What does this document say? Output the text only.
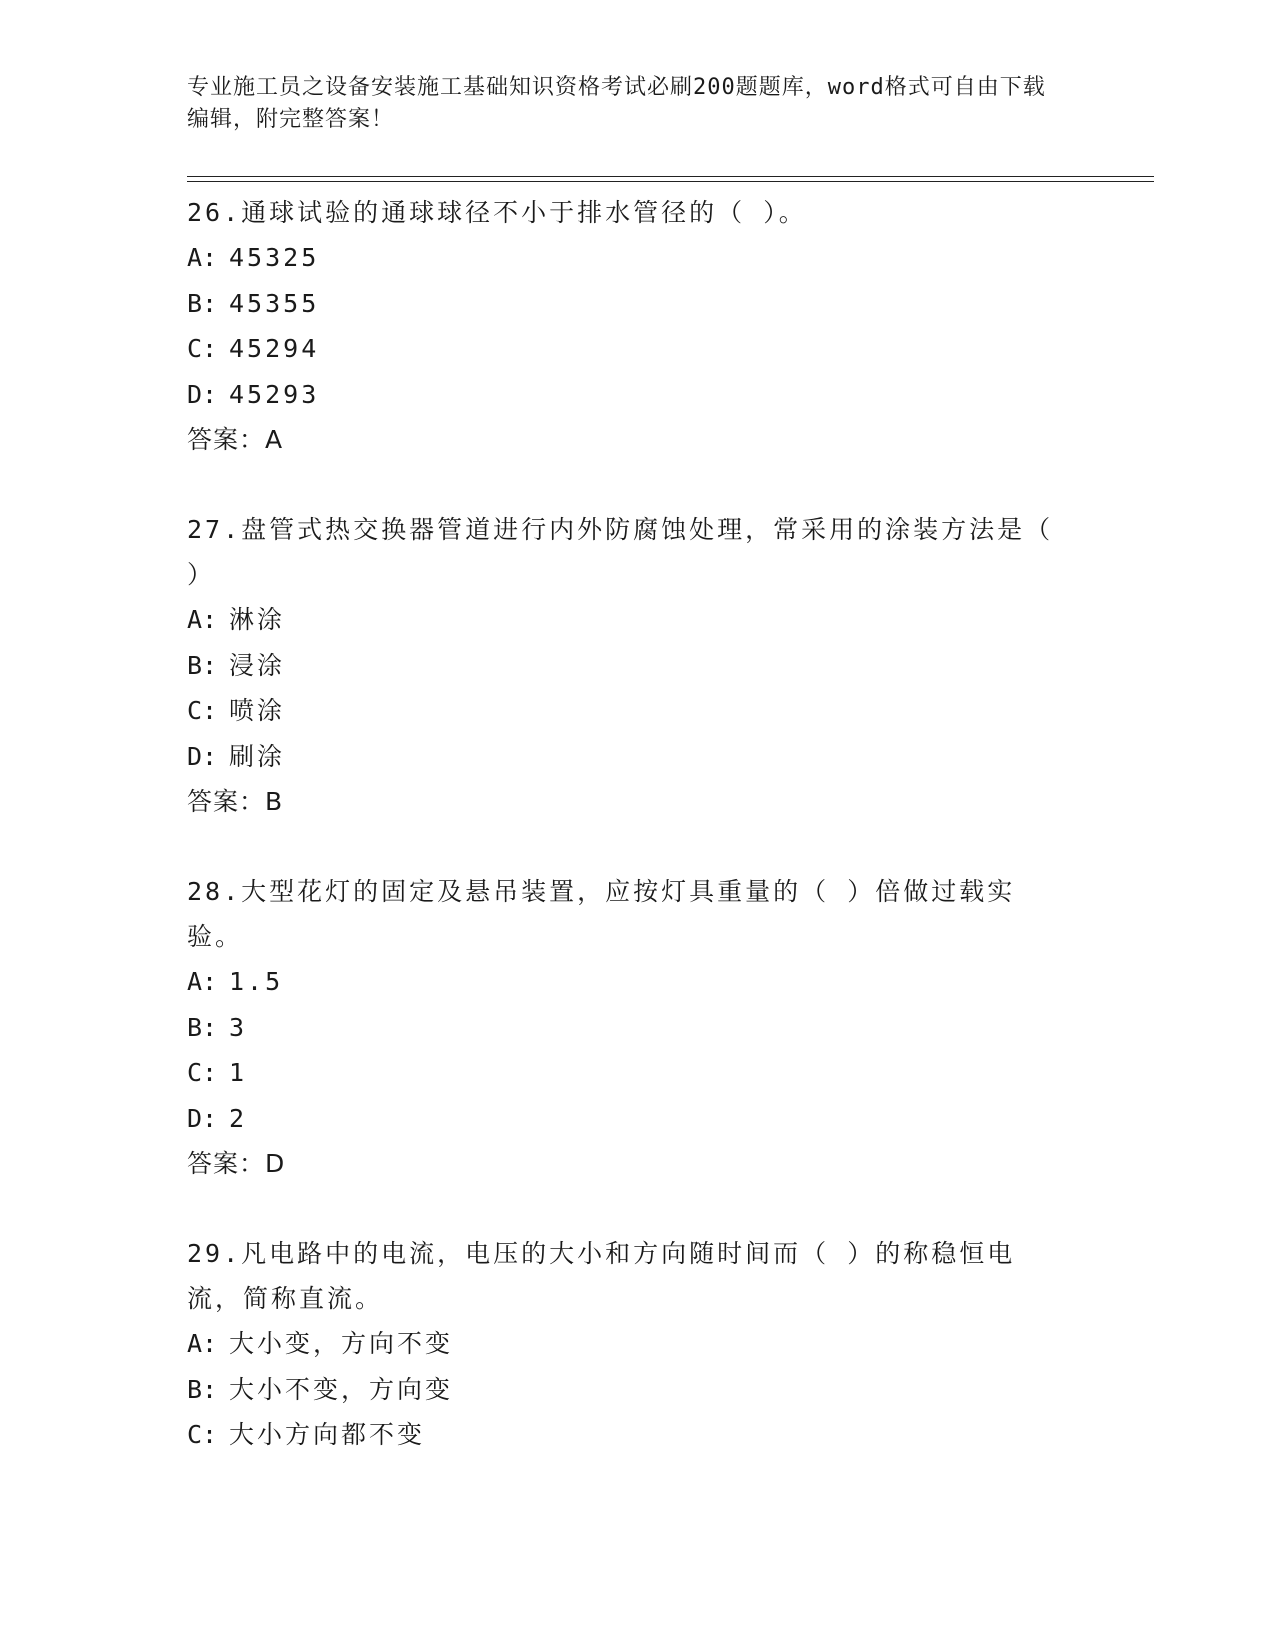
专业施工员之设备安装施工基础知识资格考试必刷200题题库，word格式可自由下载编辑，附完整答案！
26.通球试验的通球球径不小于排水管径的（ ）。
A: 45325
B: 45355
C: 45294
D: 45293
答案：A
27.盘管式热交换器管道进行内外防腐蚀处理，常采用的涂装方法是（ ）
A: 淋涂
B: 浸涂
C: 喷涂
D: 刷涂
答案：B
28.大型花灯的固定及悬吊装置，应按灯具重量的（ ）倍做过载实验。
A: 1.5
B: 3
C: 1
D: 2
答案：D
29.凡电路中的电流，电压的大小和方向随时间而（ ）的称稳恒电流，简称直流。
A: 大小变，方向不变
B: 大小不变，方向变
C: 大小方向都不变
